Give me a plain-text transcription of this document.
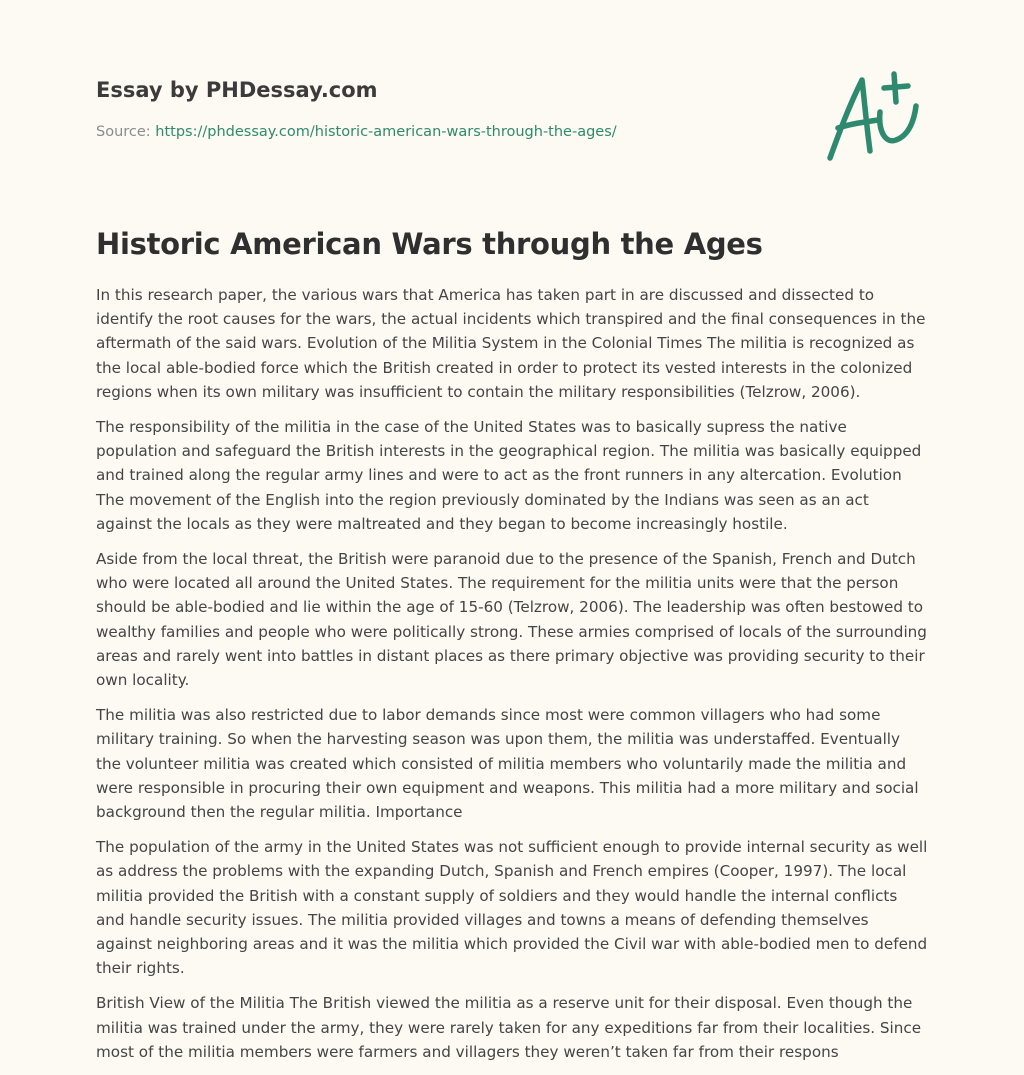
Essay by PHDessay.com
Source: https://phdessay.com/historic-american-wars-through-the-ages/
Historic American Wars through the Ages

In this research paper, the various wars that America has taken part in are discussed and dissected to identify the root causes for the wars, the actual incidents which transpired and the final consequences in the aftermath of the said wars. Evolution of the Militia System in the Colonial Times The militia is recognized as the local able-bodied force which the British created in order to protect its vested interests in the colonized regions when its own military was insufficient to contain the military responsibilities (Telzrow, 2006).

The responsibility of the militia in the case of the United States was to basically supress the native population and safeguard the British interests in the geographical region. The militia was basically equipped and trained along the regular army lines and were to act as the front runners in any altercation. Evolution The movement of the English into the region previously dominated by the Indians was seen as an act against the locals as they were maltreated and they began to become increasingly hostile.

Aside from the local threat, the British were paranoid due to the presence of the Spanish, French and Dutch who were located all around the United States. The requirement for the militia units were that the person should be able-bodied and lie within the age of 15-60 (Telzrow, 2006). The leadership was often bestowed to wealthy families and people who were politically strong. These armies comprised of locals of the surrounding areas and rarely went into battles in distant places as there primary objective was providing security to their own locality.

The militia was also restricted due to labor demands since most were common villagers who had some military training. So when the harvesting season was upon them, the militia was understaffed. Eventually the volunteer militia was created which consisted of militia members who voluntarily made the militia and were responsible in procuring their own equipment and weapons. This militia had a more military and social background then the regular militia. Importance

The population of the army in the United States was not sufficient enough to provide internal security as well as address the problems with the expanding Dutch, Spanish and French empires (Cooper, 1997). The local militia provided the British with a constant supply of soldiers and they would handle the internal conflicts and handle security issues. The militia provided villages and towns a means of defending themselves against neighboring areas and it was the militia which provided the Civil war with able-bodied men to defend their rights.

British View of the Militia The British viewed the militia as a reserve unit for their disposal. Even though the militia was trained under the army, they were rarely taken for any expeditions far from their localities. Since most of the militia members were farmers and villagers they weren’t taken far from their respons
